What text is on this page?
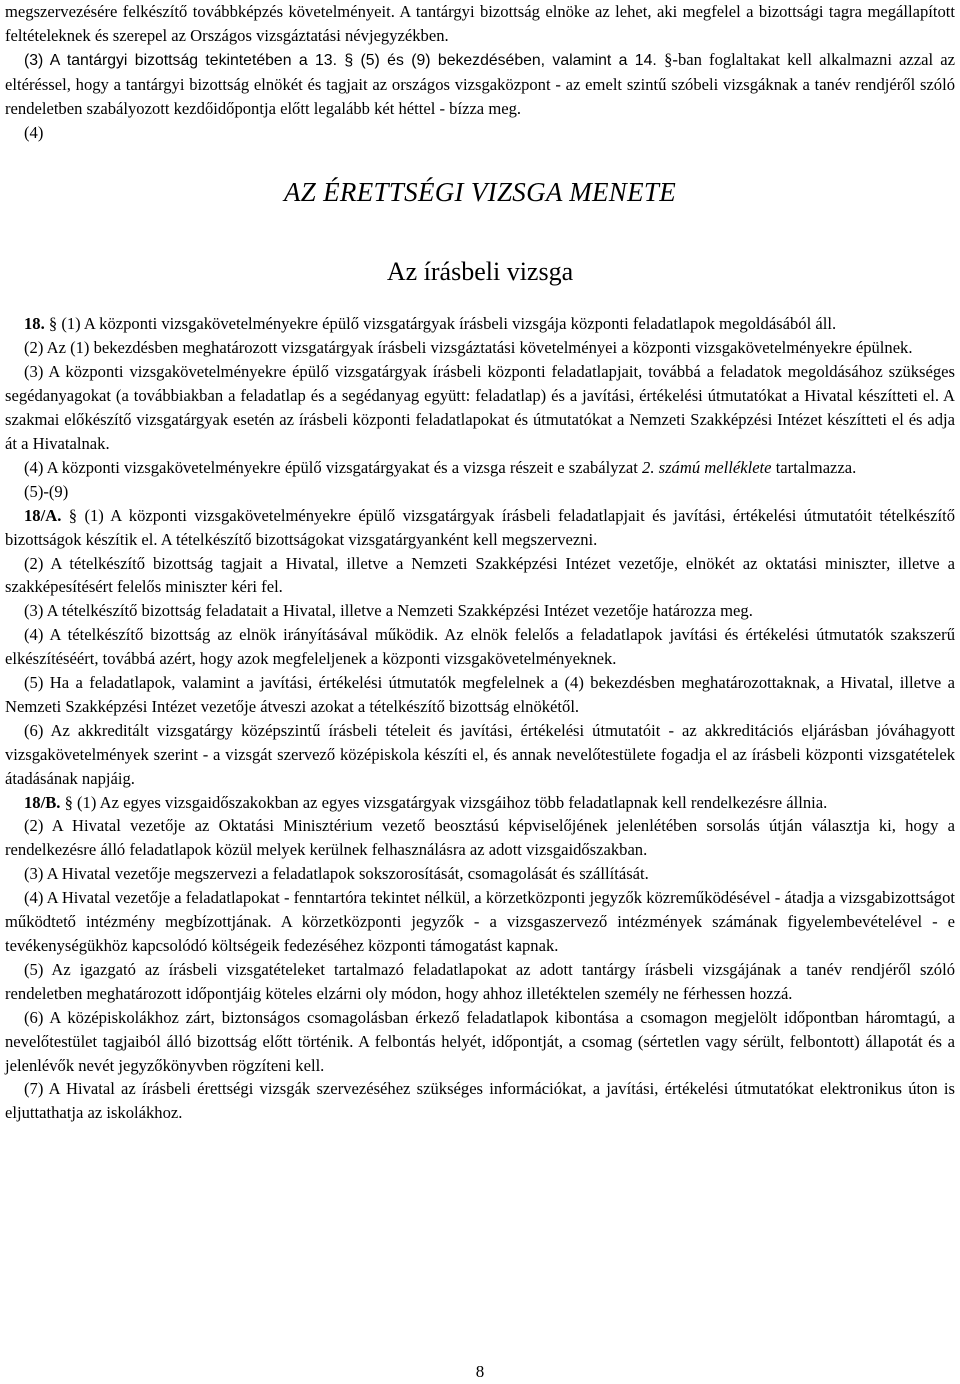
megszervezésére felkészítő továbbképzés követelményeit. A tantárgyi bizottság elnöke az lehet, aki megfelel a bizottsági tagra megállapított feltételeknek és szerepel az Országos vizsgáztatási névjegyzékben.

(3) A tantárgyi bizottság tekintetében a 13. § (5) és (9) bekezdésében, valamint a 14. §-ban foglaltakat kell alkalmazni azzal az eltéréssel, hogy a tantárgyi bizottság elnökét és tagjait az országos vizsgaközpont - az emelt szintű szóbeli vizsgáknak a tanév rendjéről szóló rendeletben szabályozott kezdőidőpontja előtt legalább két héttel - bízza meg.

(4)

AZ ÉRETTSÉGI VIZSGA MENETE
Az írásbeli vizsga

18. § (1) A központi vizsgakövetelményekre épülő vizsgatárgyak írásbeli vizsgája központi feladatlapok megoldásából áll.

(2) Az (1) bekezdésben meghatározott vizsgatárgyak írásbeli vizsgáztatási követelményei a központi vizsgakövetelményekre épülnek.

(3) A központi vizsgakövetelményekre épülő vizsgatárgyak írásbeli központi feladatlapjait, továbbá a feladatok megoldásához szükséges segédanyagokat (a továbbiakban a feladatlap és a segédanyag együtt: feladatlap) és a javítási, értékelési útmutatókat a Hivatal készítteti el. A szakmai előkészítő vizsgatárgyak esetén az írásbeli központi feladatlapokat és útmutatókat a Nemzeti Szakképzési Intézet készítteti el és adja át a Hivatalnak.

(4) A központi vizsgakövetelményekre épülő vizsgatárgyakat és a vizsga részeit e szabályzat 2. számú melléklete tartalmazza.

(5)-(9)

18/A. § (1) A központi vizsgakövetelményekre épülő vizsgatárgyak írásbeli feladatlapjait és javítási, értékelési útmutatóit tételkészítő bizottságok készítik el. A tételkészítő bizottságokat vizsgatárgyanként kell megszervezni.

(2) A tételkészítő bizottság tagjait a Hivatal, illetve a Nemzeti Szakképzési Intézet vezetője, elnökét az oktatási miniszter, illetve a szakképesítésért felelős miniszter kéri fel.

(3) A tételkészítő bizottság feladatait a Hivatal, illetve a Nemzeti Szakképzési Intézet vezetője határozza meg.

(4) A tételkészítő bizottság az elnök irányításával működik. Az elnök felelős a feladatlapok javítási és értékelési útmutatók szakszerű elkészítéséért, továbbá azért, hogy azok megfeleljenek a központi vizsgakövetelményeknek.

(5) Ha a feladatlapok, valamint a javítási, értékelési útmutatók megfelelnek a (4) bekezdésben meghatározottaknak, a Hivatal, illetve a Nemzeti Szakképzési Intézet vezetője átveszi azokat a tételkészítő bizottság elnökétől.

(6) Az akkreditált vizsgatárgy középszintű írásbeli tételeit és javítási, értékelési útmutatóit - az akkreditációs eljárásban jóváhagyott vizsgakövetelmények szerint - a vizsgát szervező középiskola készíti el, és annak nevelőtestülete fogadja el az írásbeli központi vizsgatételek átadásának napjáig.

18/B. § (1) Az egyes vizsgaidőszakokban az egyes vizsgatárgyak vizsgáihoz több feladatlapnak kell rendelkezésre állnia.

(2) A Hivatal vezetője az Oktatási Minisztérium vezető beosztású képviselőjének jelenlétében sorsolás útján választja ki, hogy a rendelkezésre álló feladatlapok közül melyek kerülnek felhasználásra az adott vizsgaidőszakban.

(3) A Hivatal vezetője megszervezi a feladatlapok sokszorosítását, csomagolását és szállítását.

(4) A Hivatal vezetője a feladatlapokat - fenntartóra tekintet nélkül, a körzetközponti jegyzők közreműködésével - átadja a vizsgabizottságot működtető intézmény megbízottjának. A körzetközponti jegyzők - a vizsgaszervező intézmények számának figyelembevételével - e tevékenységükhöz kapcsolódó költségeik fedezéséhez központi támogatást kapnak.

(5) Az igazgató az írásbeli vizsgatételeket tartalmazó feladatlapokat az adott tantárgy írásbeli vizsgájának a tanév rendjéről szóló rendeletben meghatározott időpontjáig köteles elzárni oly módon, hogy ahhoz illetéktelen személy ne férhessen hozzá.

(6) A középiskolákhoz zárt, biztonságos csomagolásban érkező feladatlapok kibontása a csomagon megjelölt időpontban háromtagú, a nevelőtestület tagjaiból álló bizottság előtt történik. A felbontás helyét, időpontját, a csomag (sértetlen vagy sérült, felbontott) állapotát és a jelenlévők nevét jegyzőkönyvben rögzíteni kell.

(7) A Hivatal az írásbeli érettségi vizsgák szervezéséhez szükséges információkat, a javítási, értékelési útmutatókat elektronikus úton is eljuttathatja az iskolákhoz.

8
